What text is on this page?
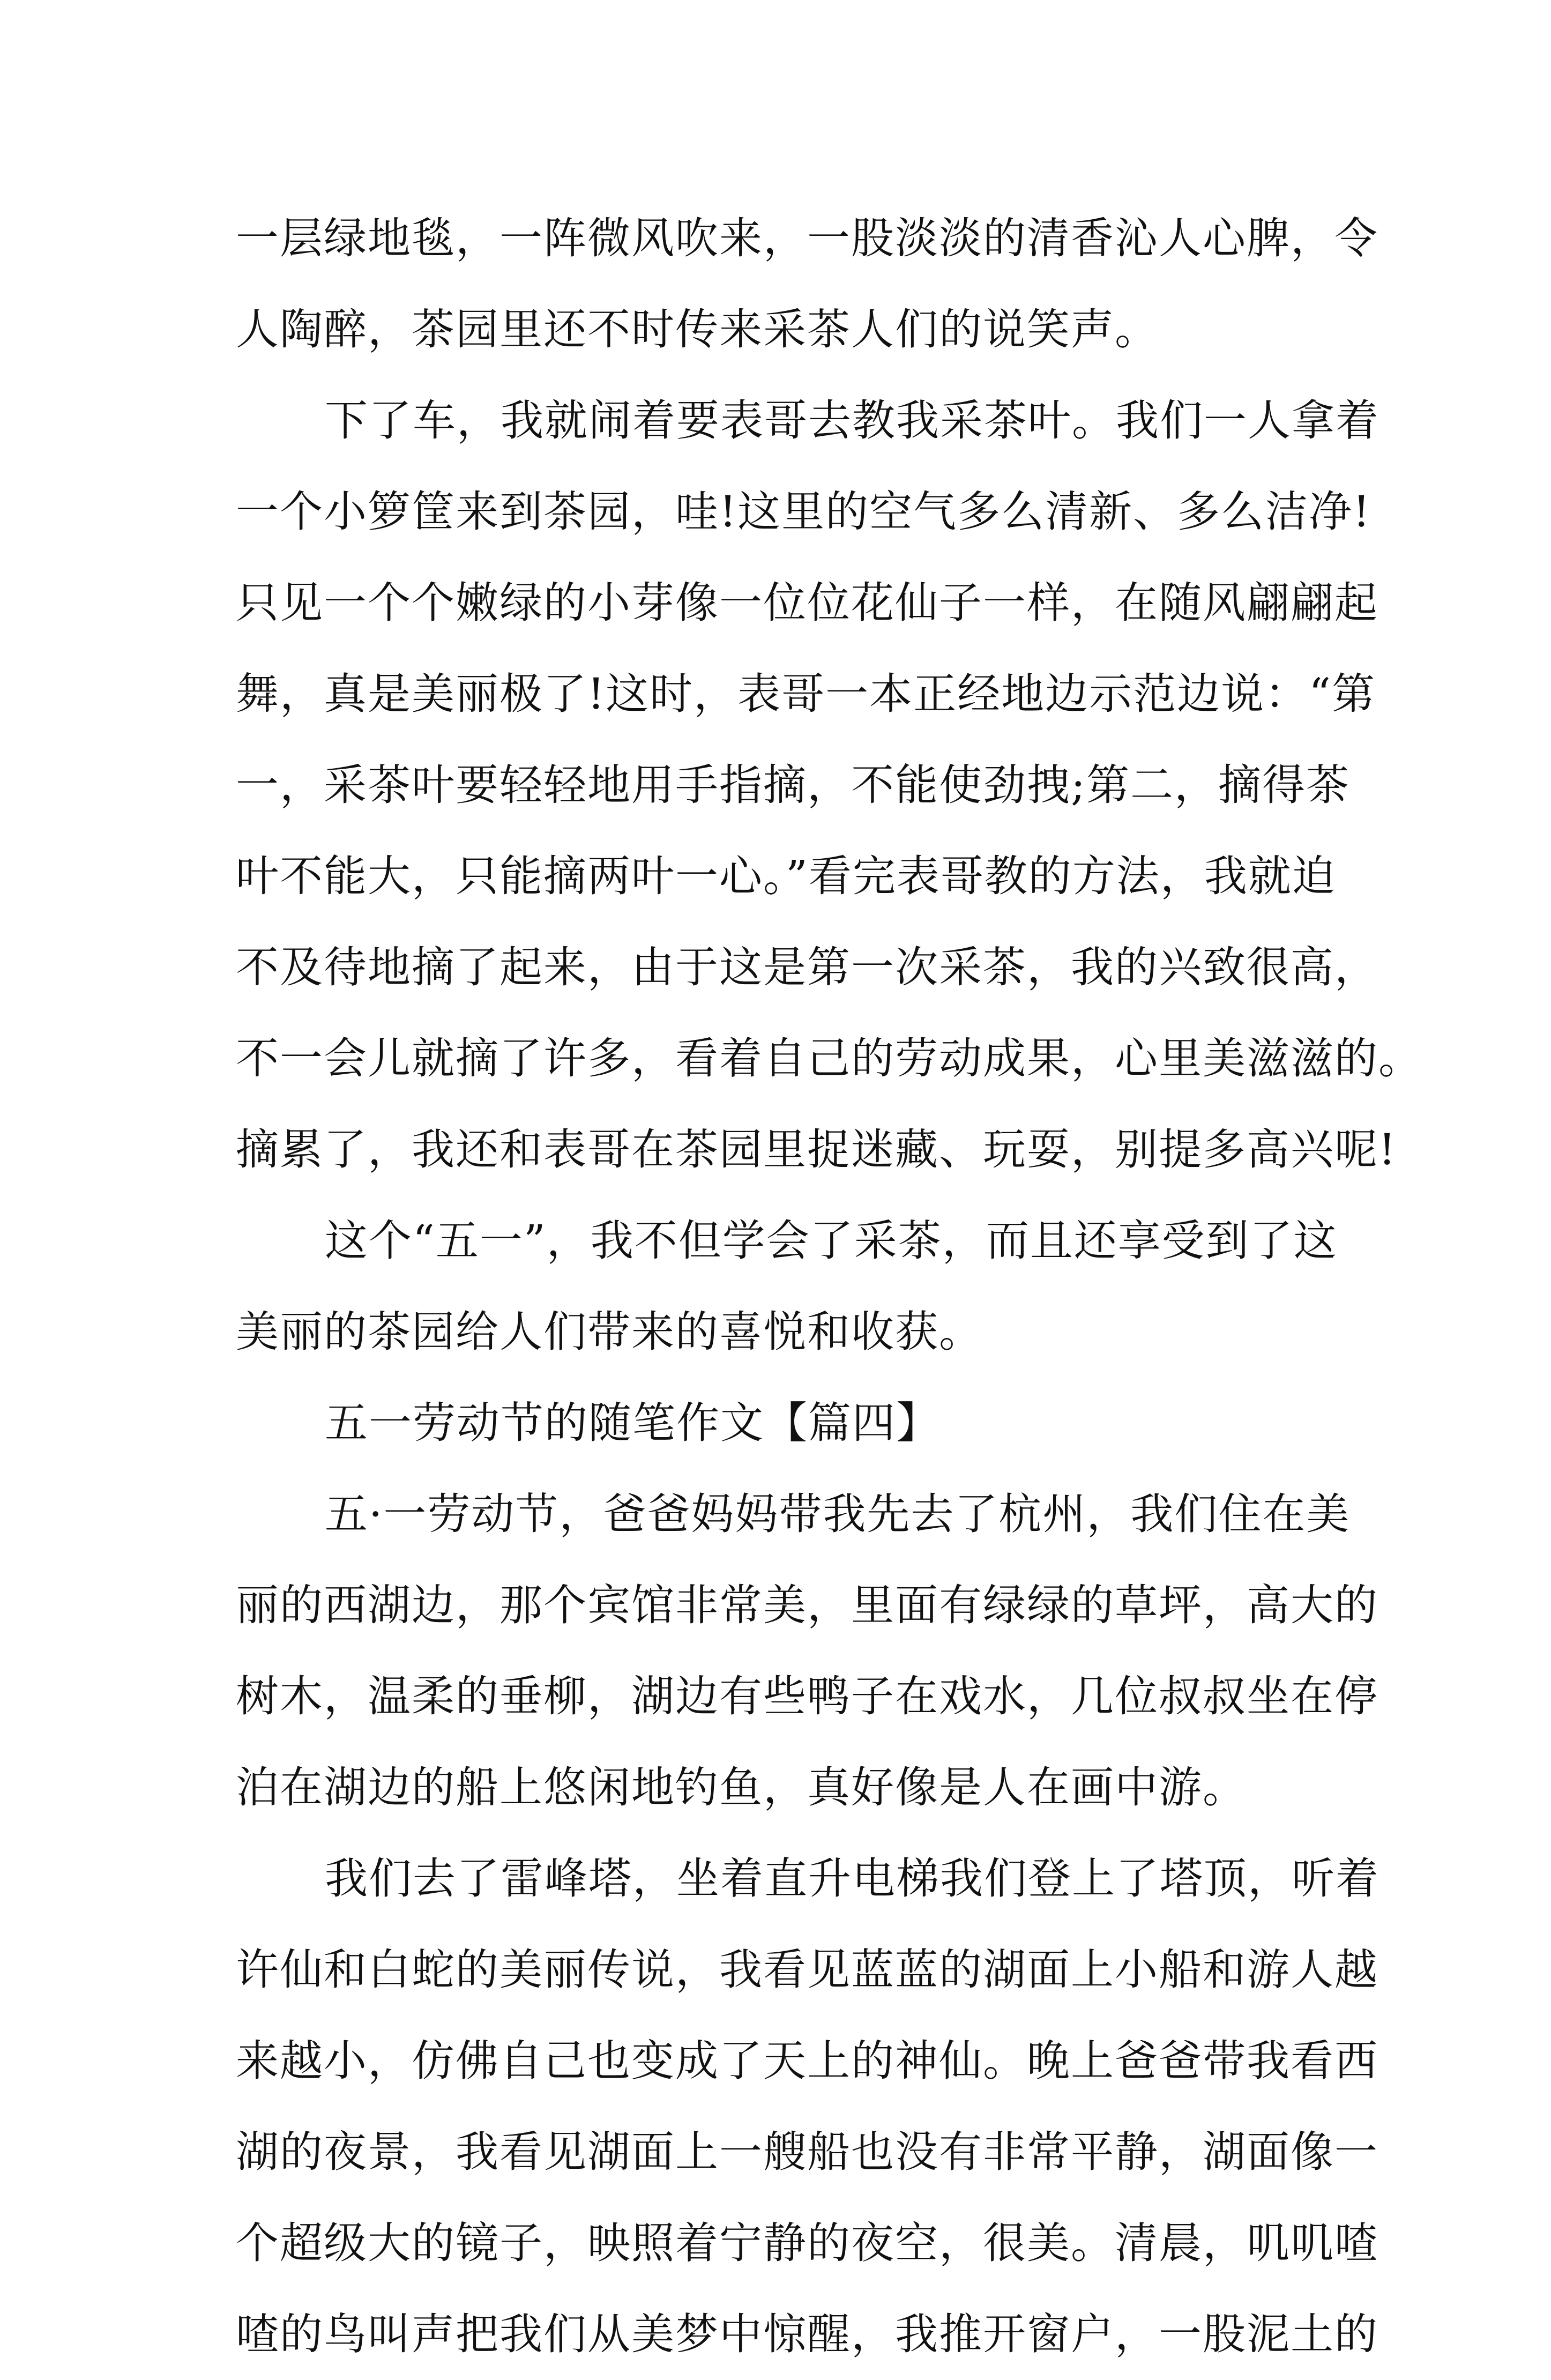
一层绿地毯，一阵微风吹来，一股淡淡的清香沁人心脾，令
人陶醉，茶园里还不时传来采茶人们的说笑声。
下了车，我就闹着要表哥去教我采茶叶。我们一人拿着
一个小箩筐来到茶园，哇!这里的空气多么清新、多么洁净!
只见一个个嫩绿的小芽像一位位花仙子一样，在随风翩翩起
舞，真是美丽极了!这时，表哥一本正经地边示范边说：“第
一，采茶叶要轻轻地用手指摘，不能使劲拽;第二，摘得茶
叶不能大，只能摘两叶一心。”看完表哥教的方法，我就迫
不及待地摘了起来，由于这是第一次采茶，我的兴致很高，
不一会儿就摘了许多，看着自己的劳动成果，心里美滋滋的。
摘累了，我还和表哥在茶园里捉迷藏、玩耍，别提多高兴呢!
这个“五一”，我不但学会了采茶，而且还享受到了这
美丽的茶园给人们带来的喜悦和收获。
五一劳动节的随笔作文【篇四】
五·一劳动节，爸爸妈妈带我先去了杭州，我们住在美
丽的西湖边，那个宾馆非常美，里面有绿绿的草坪，高大的
树木，温柔的垂柳，湖边有些鸭子在戏水，几位叔叔坐在停
泊在湖边的船上悠闲地钓鱼，真好像是人在画中游。
我们去了雷峰塔，坐着直升电梯我们登上了塔顶，听着
许仙和白蛇的美丽传说，我看见蓝蓝的湖面上小船和游人越
来越小，仿佛自己也变成了天上的神仙。晚上爸爸带我看西
湖的夜景，我看见湖面上一艘船也没有非常平静，湖面像一
个超级大的镜子，映照着宁静的夜空，很美。清晨，叽叽喳
喳的鸟叫声把我们从美梦中惊醒，我推开窗户，一股泥土的
